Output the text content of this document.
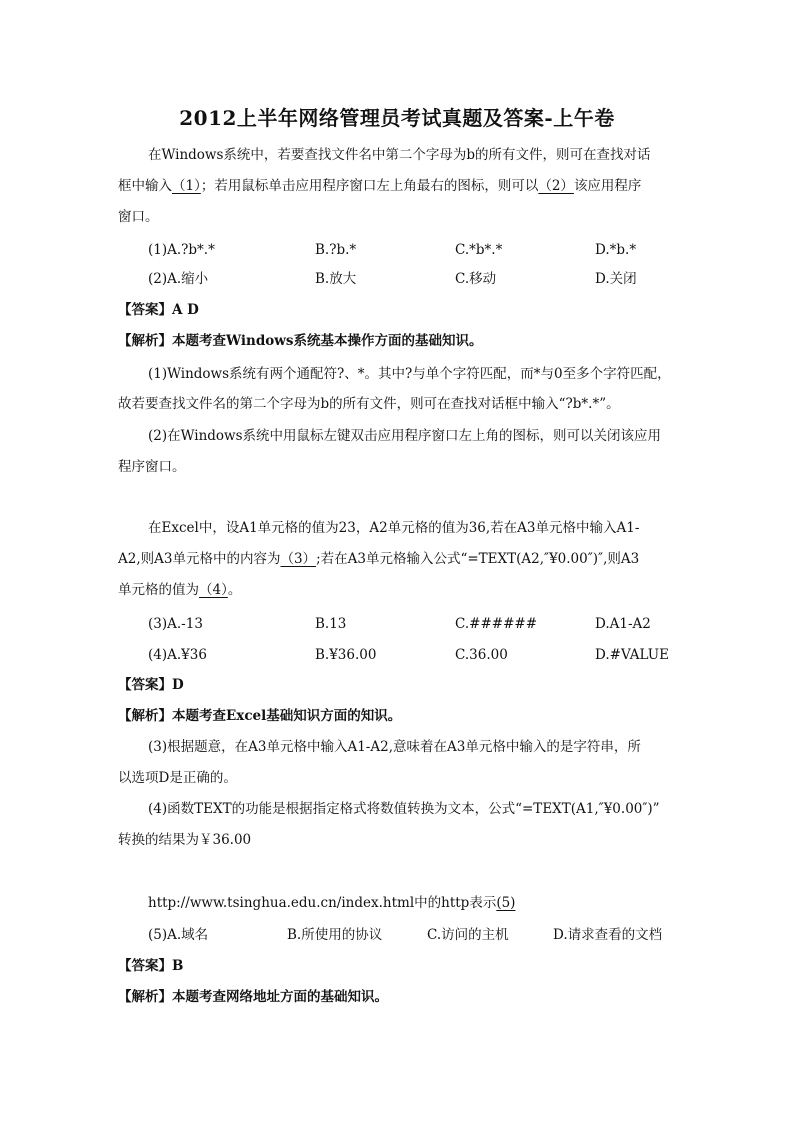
2012上半年网络管理员考试真题及答案-上午卷
在Windows系统中，若要查找文件名中第二个字母为b的所有文件，则可在查找对话
框中输入（1）；若用鼠标单击应用程序窗口左上角最右的图标，则可以（2）该应用程序
窗口。
(1)A.?b*.*	B.?b.*	C.*b*.*	D.*b.*
(2)A.缩小	B.放大	C.移动	D.关闭
【答案】A D
【解析】本题考查Windows系统基本操作方面的基础知识。
(1)Windows系统有两个通配符?、*。其中?与单个字符匹配，而*与0至多个字符匹配，
故若要查找文件名的第二个字母为b的所有文件，则可在查找对话框中输入“?b*.*”。
(2)在Windows系统中用鼠标左键双击应用程序窗口左上角的图标，则可以关闭该应用
程序窗口。
在Excel中，设A1单元格的值为23，A2单元格的值为36,若在A3单元格中输入A1-
A2,则A3单元格中的内容为（3）;若在A3单元格输入公式“=TEXT(A2,″¥0.00″)″,则A3
单元格的值为（4）。
(3)A.-13	B.13	C.######	D.A1-A2
(4)A.¥36	B.¥36.00	C.36.00	D.#VALUE
【答案】D
【解析】本题考查Excel基础知识方面的知识。
(3)根据题意，在A3单元格中输入A1-A2,意味着在A3单元格中输入的是字符串，所
以选项D是正确的。
(4)函数TEXT的功能是根据指定格式将数值转换为文本，公式“=TEXT(A1,″¥0.00″)”
转换的结果为￥36.00
http://www.tsinghua.edu.cn/index.html中的http表示(5)
(5)A.域名	B.所使用的协议	C.访问的主机	D.请求查看的文档
【答案】B
【解析】本题考查网络地址方面的基础知识。
